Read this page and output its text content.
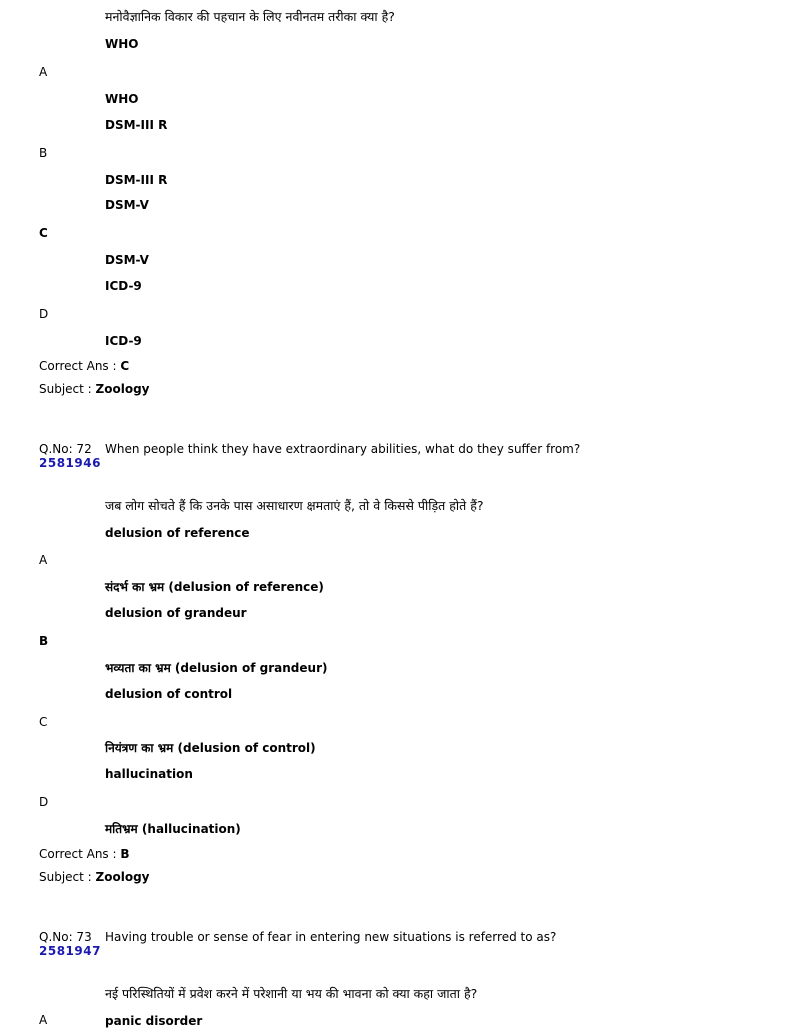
मनोवैज्ञानिक विकार की पहचान के लिए नवीनतम तरीका क्या है?
WHO
A
WHO
DSM-III R
B
DSM-III R
DSM-V
C
DSM-V
ICD-9
D
ICD-9
Correct Ans : C
Subject : Zoology
Q.No: 72 When people think they have extraordinary abilities, what do they suffer from?
2581946
जब लोग सोचते हैं कि उनके पास असाधारण क्षमताएं हैं, तो वे किससे पीड़ित होते हैं?
delusion of reference
A
संदर्भ का भ्रम (delusion of reference)
delusion of grandeur
B
भव्यता का भ्रम (delusion of grandeur)
delusion of control
C
नियंत्रण का भ्रम (delusion of control)
hallucination
D
मतिभ्रम (hallucination)
Correct Ans : B
Subject : Zoology
Q.No: 73 Having trouble or sense of fear in entering new situations is referred to as?
2581947
नई परिस्थितियों में प्रवेश करने में परेशानी या भय की भावना को क्या कहा जाता है?
A	panic disorder
